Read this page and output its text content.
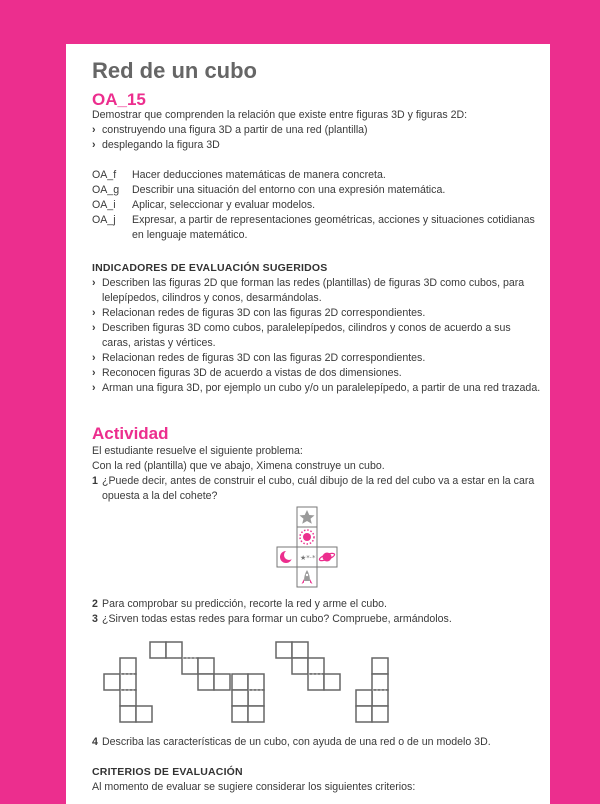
Red de un cubo
OA_15
Demostrar que comprenden la relación que existe entre figuras 3D y figuras 2D:
› construyendo una figura 3D a partir de una red (plantilla)
› desplegando la figura 3D
OA_f	Hacer deducciones matemáticas de manera concreta.
OA_g	Describir una situación del entorno con una expresión matemática.
OA_i	Aplicar, seleccionar y evaluar modelos.
OA_j	Expresar, a partir de representaciones geométricas, acciones y situaciones cotidianas
en lenguaje matemático.
INDICADORES DE EVALUACIÓN SUGERIDOS
› Describen las figuras 2D que forman las redes (plantillas) de figuras 3D como cubos, para
lelepípedos, cilindros y conos, desarmándolas.
› Relacionan redes de figuras 3D con las figuras 2D correspondientes.
› Describen figuras 3D como cubos, paralelepípedos, cilindros y conos de acuerdo a sus
caras, aristas y vértices.
› Relacionan redes de figuras 3D con las figuras 2D correspondientes.
› Reconocen figuras 3D de acuerdo a vistas de dos dimensiones.
› Arman una figura 3D, por ejemplo un cubo y/o un paralelepípedo, a partir de una red trazada.
Actividad
El estudiante resuelve el siguiente problema:
Con la red (plantilla) que ve abajo, Ximena construye un cubo.
1 ¿Puede decir, antes de construir el cubo, cuál dibujo de la red del cubo va a estar en la cara
opuesta a la del cohete?
★*·*
2 Para comprobar su predicción, recorte la red y arme el cubo.
3 ¿Sirven todas estas redes para formar un cubo? Compruebe, armándolos.
4 Describa las características de un cubo, con ayuda de una red o de un modelo 3D.
CRITERIOS DE EVALUACIÓN
Al momento de evaluar se sugiere considerar los siguientes criterios:
